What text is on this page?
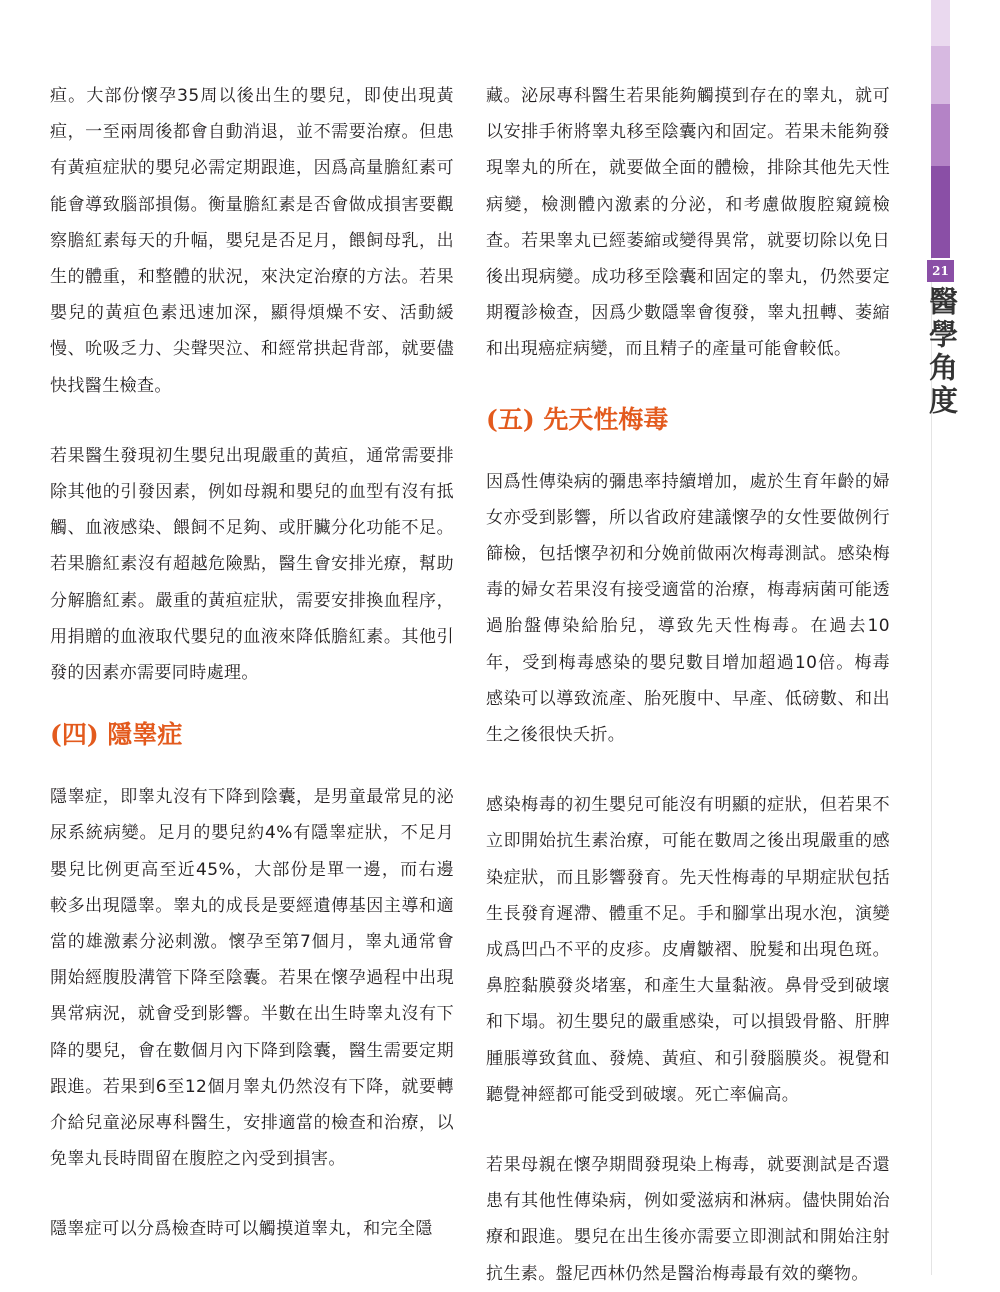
21
醫學角度

疸。大部份懷孕35周以後出生的嬰兒，即使出現黃疸，一至兩周後都會自動消退，並不需要治療。但患有黃疸症狀的嬰兒必需定期跟進，因爲高量膽紅素可能會導致腦部損傷。衡量膽紅素是否會做成損害要觀察膽紅素每天的升幅，嬰兒是否足月，餵飼母乳，出生的體重，和整體的狀況，來決定治療的方法。若果嬰兒的黃疸色素迅速加深，顯得煩燥不安、活動緩慢、吮吸乏力、尖聲哭泣、和經常拱起背部，就要儘快找醫生檢查。

若果醫生發現初生嬰兒出現嚴重的黃疸，通常需要排除其他的引發因素，例如母親和嬰兒的血型有沒有抵觸、血液感染、餵飼不足夠、或肝臟分化功能不足。若果膽紅素沒有超越危險點，醫生會安排光療，幫助分解膽紅素。嚴重的黃疸症狀，需要安排換血程序，用捐贈的血液取代嬰兒的血液來降低膽紅素。其他引發的因素亦需要同時處理。

(四) 隱睾症

隱睾症，即睾丸沒有下降到陰囊，是男童最常見的泌尿系統病變。足月的嬰兒約4%有隱睾症狀，不足月嬰兒比例更高至近45%，大部份是單一邊，而右邊較多出現隱睾。睾丸的成長是要經遺傳基因主導和適當的雄激素分泌刺激。懷孕至第7個月，睾丸通常會開始經腹股溝管下降至陰囊。若果在懷孕過程中出現異常病況，就會受到影響。半數在出生時睾丸沒有下降的嬰兒，會在數個月內下降到陰囊，醫生需要定期跟進。若果到6至12個月睾丸仍然沒有下降，就要轉介給兒童泌尿專科醫生，安排適當的檢查和治療，以免睾丸長時間留在腹腔之內受到損害。

隱睾症可以分爲檢查時可以觸摸道睾丸，和完全隱

藏。泌尿專科醫生若果能夠觸摸到存在的睾丸，就可以安排手術將睾丸移至陰囊內和固定。若果未能夠發現睾丸的所在，就要做全面的體檢，排除其他先天性病變，檢測體內激素的分泌，和考慮做腹腔窺鏡檢查。若果睾丸已經萎縮或變得異常，就要切除以免日後出現病變。成功移至陰囊和固定的睾丸，仍然要定期覆診檢查，因爲少數隱睾會復發，睾丸扭轉、萎縮和出現癌症病變，而且精子的產量可能會較低。

(五) 先天性梅毒

因爲性傳染病的彌患率持續增加，處於生育年齡的婦女亦受到影響，所以省政府建議懷孕的女性要做例行篩檢，包括懷孕初和分娩前做兩次梅毒測試。感染梅毒的婦女若果沒有接受適當的治療，梅毒病菌可能透過胎盤傳染給胎兒，導致先天性梅毒。在過去10年，受到梅毒感染的嬰兒數目增加超過10倍。梅毒感染可以導致流產、胎死腹中、早產、低磅數、和出生之後很快夭折。

感染梅毒的初生嬰兒可能沒有明顯的症狀，但若果不立即開始抗生素治療，可能在數周之後出現嚴重的感染症狀，而且影響發育。先天性梅毒的早期症狀包括生長發育遲滯、體重不足。手和腳掌出現水泡，演變成爲凹凸不平的皮疹。皮膚皺褶、脫髮和出現色斑。鼻腔黏膜發炎堵塞，和產生大量黏液。鼻骨受到破壞和下塌。初生嬰兒的嚴重感染，可以損毀骨骼、肝脾腫脹導致貧血、發燒、黃疸、和引發腦膜炎。視覺和聽覺神經都可能受到破壞。死亡率偏高。

若果母親在懷孕期間發現染上梅毒，就要測試是否還患有其他性傳染病，例如愛滋病和淋病。儘快開始治療和跟進。嬰兒在出生後亦需要立即測試和開始注射抗生素。盤尼西林仍然是醫治梅毒最有效的藥物。
